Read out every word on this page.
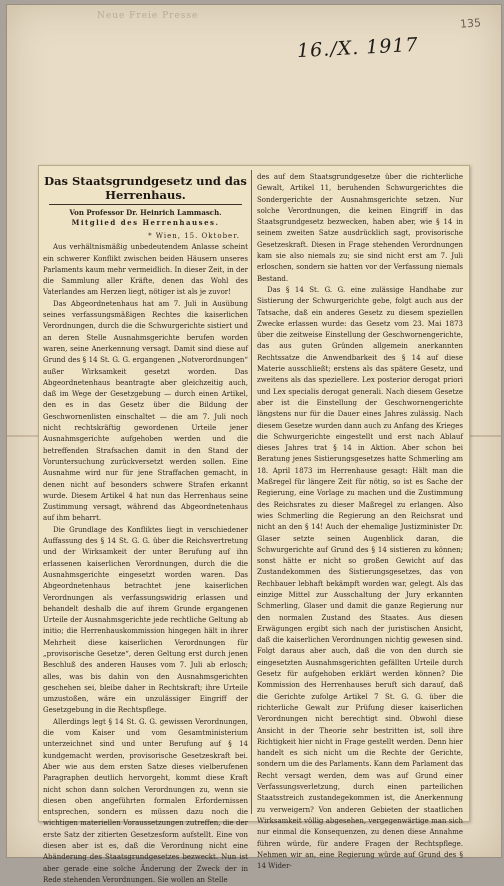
Neue Freie Presse
135
16./X. 1917
Das Staatsgrundgesetz und das Herrenhaus.
Von Professor Dr. Heinrich Lammasch.
Mitglied des Herrenhauses.
* Wien, 15. Oktober.

Aus verhältnismäßig unbedeutendem Anlasse scheint ein schwerer Konflikt zwischen beiden Häusern unseres Parlaments kaum mehr vermeidlich. In dieser Zeit, in der die Sammlung aller Kräfte, denen das Wohl des Vaterlandes am Herzen liegt, nötiger ist als je zuvor!

Das Abgeordnetenhaus hat am 7. Juli in Ausübung seines verfassungsmäßigen Rechtes die kaiserlichen Verordnungen, durch die die Schwurgerichte sistiert und an deren Stelle Ausnahmsgerichte berufen worden waren, seine Anerkennung versagt. Damit sind diese auf Grund des § 14 St. G. G. ergangenen „Notverordnungen“ außer Wirksamkeit gesetzt worden. Das Abgeordnetenhaus beantragte aber gleichzeitig auch, daß im Wege der Gesetzgebung — durch einen Artikel, den es in das Gesetz über die Bildung der Geschwornenlisten einschaltet — die am 7. Juli noch nicht rechtskräftig gewordenen Urteile jener Ausnahmsgerichte aufgehoben werden und die betreffenden Strafsachen damit in den Stand der Voruntersuchung zurückversetzt werden sollen. Eine Ausnahme wird nur für jene Straffachen gemacht, in denen nicht auf besonders schwere Strafen erkannt wurde. Diesem Artikel 4 hat nun das Herrenhaus seine Zustimmung versagt, während das Abgeordnetenhaus auf ihm beharrt.

Die Grundlage des Konfliktes liegt in verschiedener Auffassung des § 14 St. G. G. über die Reichsvertretung und der Wirksamkeit der unter Berufung auf ihn erlassenen kaiserlichen Verordnungen, durch die die Ausnahmsgerichte eingesetzt worden waren. Das Abgeordnetenhaus betrachtet jene kaiserlichen Verordnungen als verfassungswidrig erlassen und behandelt deshalb die auf ihrem Grunde ergangenen Urteile der Ausnahmsgerichte jede rechtliche Geltung ab initio; die Herrenhauskommission hingegen hält in ihrer Mehrheit diese kaiserlichen Verordnungen für „provisorische Gesetze“, deren Geltung erst durch jenen Beschluß des anderen Hauses vom 7. Juli ab erlosch; alles, was bis dahin von den Ausnahmsgerichten geschehen sei, bleibe daher in Rechtskraft; ihre Urteile umzustoßen, wäre ein unzulässiger Eingriff der Gesetzgebung in die Rechtspflege.

Allerdings legt § 14 St. G. G. gewissen Verordnungen, die vom Kaiser und vom Gesamtministerium unterzeichnet sind und unter Berufung auf § 14 kundgemacht werden, provisorische Gesetzeskraft bei. Aber wie aus dem ersten Satze dieses vielberufenen Paragraphen deutlich hervorgeht, kommt diese Kraft nicht schon dann solchen Verordnungen zu, wenn sie diesen oben angeführten formalen Erfordernissen entsprechen, sondern es müssen dazu noch die wichtigen materiellen Voraussetzungen zutreffen, die der erste Satz der zitierten Gesetzesform aufstellt. Eine von diesen aber ist es, daß die Verordnung nicht eine Abänderung des Staatsgrundgesetzes bezweckt. Nun ist aber gerade eine solche Änderung der Zweck der in Rede stehenden Verordnungen. Sie wollen an Stelle

des auf dem Staatsgrundgesetze über die richterliche Gewalt, Artikel 11, beruhenden Schwurgerichtes die Sondergerichte der Ausnahmsgerichte setzen. Nur solche Verordnungen, die keinen Eingriff in das Staatsgrundgesetz bezwecken, haben aber, wie § 14 in seinem zweiten Satze ausdrücklich sagt, provisorische Gesetzeskraft. Diesen in Frage stehenden Verordnungen kam sie also niemals zu; sie sind nicht erst am 7. Juli erloschen, sondern sie hatten vor der Verfassung niemals Bestand.

Das § 14 St. G. G. eine zulässige Handhabe zur Sistierung der Schwurgerichte gebe, folgt auch aus der Tatsache, daß ein anderes Gesetz zu diesem speziellen Zwecke erlassen wurde: das Gesetz vom 23. Mai 1873 über die zeitweise Einstellung der Geschwornengerichte, das aus guten Gründen allgemein anerkannten Rechtssatze die Anwendbarkeit des § 14 auf diese Materie ausschließt; erstens als das spätere Gesetz, und zweitens als das speziellere. Lex posterior derogat priori und Lex specialis derogat generali. Nach diesem Gesetze aber ist die Einstellung der Geschwornengerichte längstens nur für die Dauer eines Jahres zulässig. Nach diesem Gesetze wurden dann auch zu Anfang des Krieges die Schwurgerichte eingestellt und erst nach Ablauf dieses Jahres trat § 14 in Aktion. Aber schon bei Beratung jenes Sistierungsgesetzes hatte Schmerling am 18. April 1873 im Herrenhause gesagt: Hält man die Maßregel für längere Zeit für nötig, so ist es Sache der Regierung, eine Vorlage zu machen und die Zustimmung des Reichsrates zu dieser Maßregel zu erlangen. Also wies Schmerling die Regierung an den Reichsrat und nicht an den § 14! Auch der ehemalige Justizminister Dr. Glaser setzte seinen Augenblick daran, die Schwurgerichte auf Grund des § 14 sistieren zu können; sonst hätte er nicht so großen Gewicht auf das Zustandekommen des Sistierungsgesetzes, das von Rechbauer lebhaft bekämpft worden war, gelegt. Als das einzige Mittel zur Ausschaltung der Jury erkannten Schmerling, Glaser und damit die ganze Regierung nur den normalen Zustand des Staates. Aus diesen Erwägungen ergibt sich nach der juristischen Ansicht, daß die kaiserlichen Verordnungen nichtig gewesen sind. Folgt daraus aber auch, daß die von den durch sie eingesetzten Ausnahmsgerichten gefällten Urteile durch Gesetz für aufgehoben erklärt werden können? Die Kommission des Herrenhauses beruft sich darauf, daß die Gerichte zufolge Artikel 7 St. G. G. über die richterliche Gewalt zur Prüfung dieser kaiserlichen Verordnungen nicht berechtigt sind. Obwohl diese Ansicht in der Theorie sehr bestritten ist, soll ihre Richtigkeit hier nicht in Frage gestellt werden. Denn hier handelt es sich nicht um die Rechte der Gerichte, sondern um die des Parlaments. Kann dem Parlament das Recht versagt werden, dem was auf Grund einer Verfassungsverletzung, durch einen parteilichen Staatsstreich zustandegekommen ist, die Anerkennung zu verweigern? Von anderen Gebieten der staatlichen Wirksamkeit völlig abgesehen, vergegenwärtige man sich nur einmal die Konsequenzen, zu denen diese Annahme führen würde, für andere Fragen der Rechtspflege. Nehmen wir an, eine Regierung würde auf Grund des § 14 Wider-
